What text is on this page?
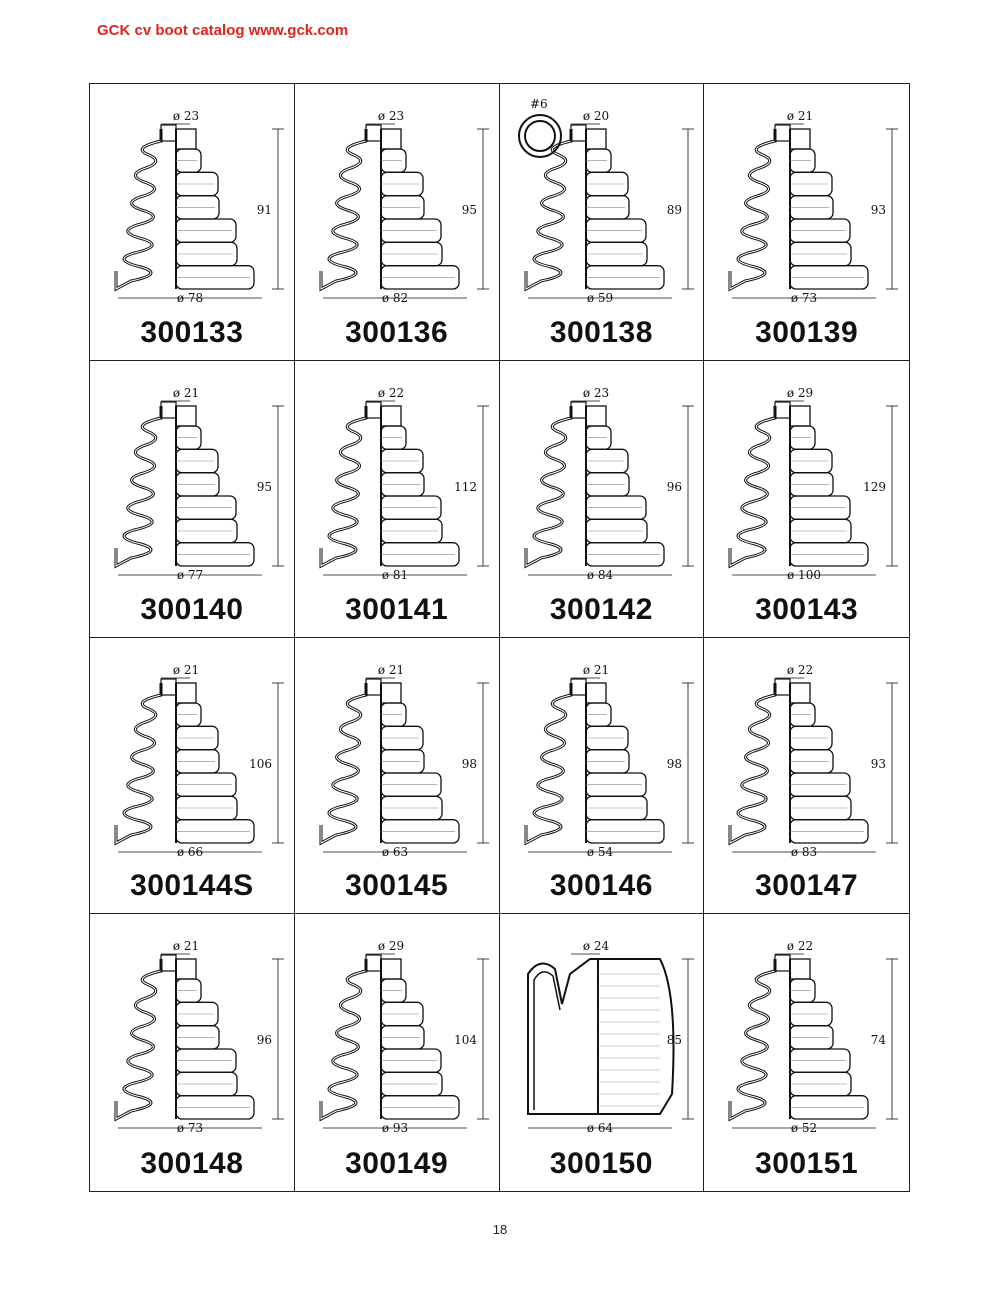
GCK cv boot catalog www.gck.com
ø 23
91
ø 78
300133
ø 23
95
ø 82
300136
ø 20
89
ø 59
#6
300138
ø 21
93
ø 73
300139
ø 21
95
ø 77
300140
ø 22
112
ø 81
300141
ø 23
96
ø 84
300142
ø 29
129
ø 100
300143
ø 21
106
ø 66
300144S
ø 21
98
ø 63
300145
ø 21
98
ø 54
300146
ø 22
93
ø 83
300147
ø 21
96
ø 73
300148
ø 29
104
ø 93
300149
ø 24
85
ø 64
300150
ø 22
74
ø 52
300151
18
